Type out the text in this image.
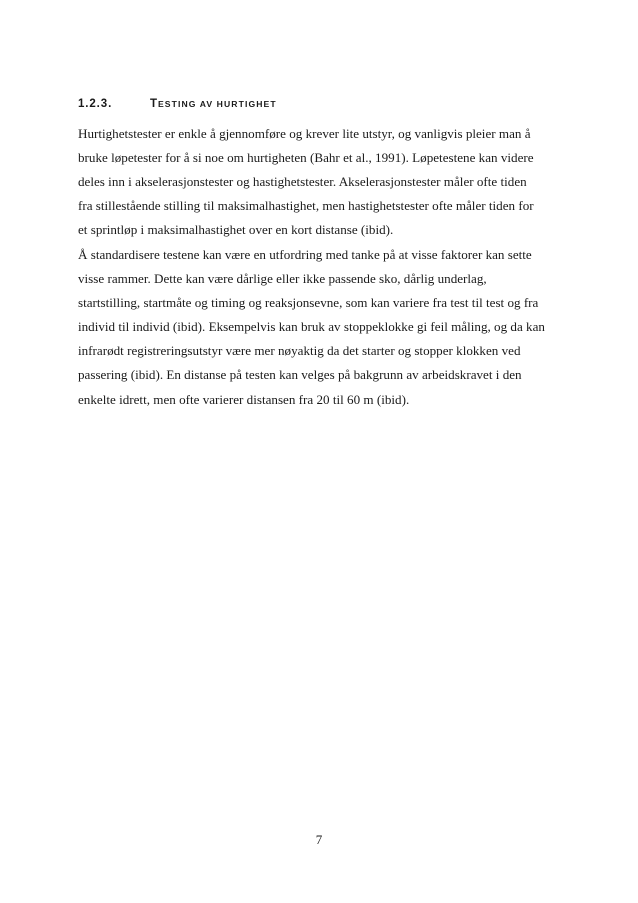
1.2.3.	TESTING AV HURTIGHET
Hurtighetstester er enkle å gjennomføre og krever lite utstyr, og vanligvis pleier man å
bruke løpetester for å si noe om hurtigheten (Bahr et al., 1991). Løpetestene kan videre
deles inn i akselerasjonstester og hastighetstester. Akselerasjonstester måler ofte tiden
fra stillestående stilling til maksimalhastighet, men hastighetstester ofte måler tiden for
et sprintløp i maksimalhastighet over en kort distanse (ibid).
Å standardisere testene kan være en utfordring med tanke på at visse faktorer kan sette
visse rammer. Dette kan være dårlige eller ikke passende sko, dårlig underlag,
startstilling, startmåte og timing og reaksjonsevne, som kan variere fra test til test og fra
individ til individ (ibid). Eksempelvis kan bruk av stoppeklokke gi feil måling, og da kan
infrarødt registreringsutstyr være mer nøyaktig da det starter og stopper klokken ved
passering (ibid). En distanse på testen kan velges på bakgrunn av arbeidskravet i den
enkelte idrett, men ofte varierer distansen fra 20 til 60 m (ibid).
7
